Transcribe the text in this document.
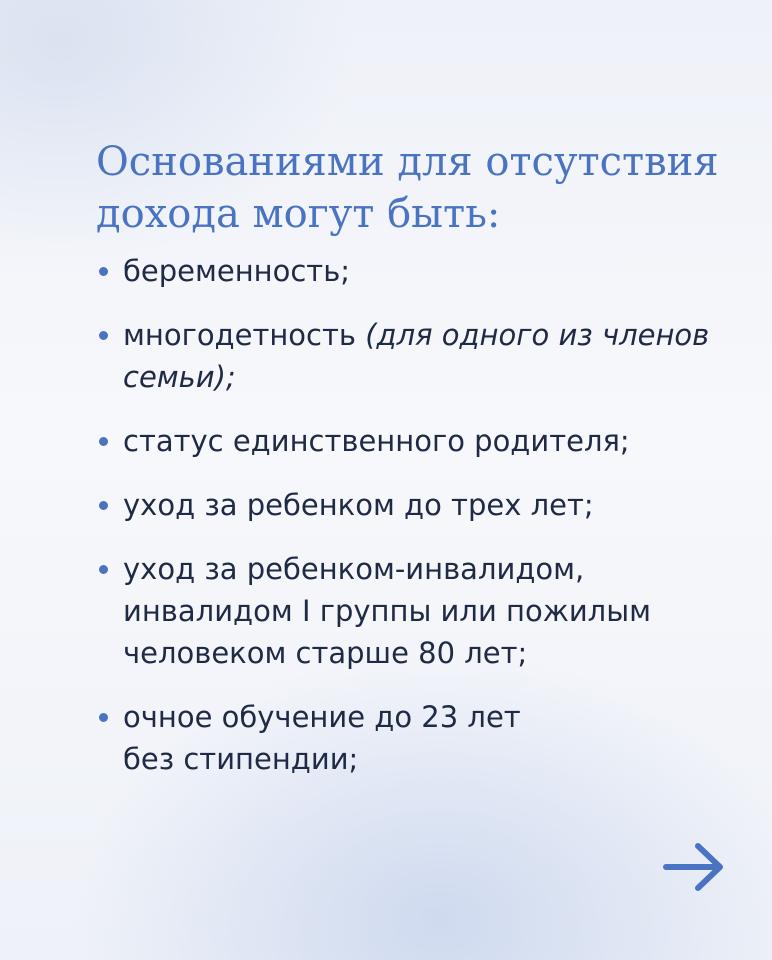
Основаниями для отсутствия
дохода могут быть:
беременность;
многодетность (для одного из членов
семьи);
статус единственного родителя;
уход за ребенком до трех лет;
уход за ребенком-инвалидом,
инвалидом I группы или пожилым
человеком старше 80 лет;
очное обучение до 23 лет
без стипендии;
